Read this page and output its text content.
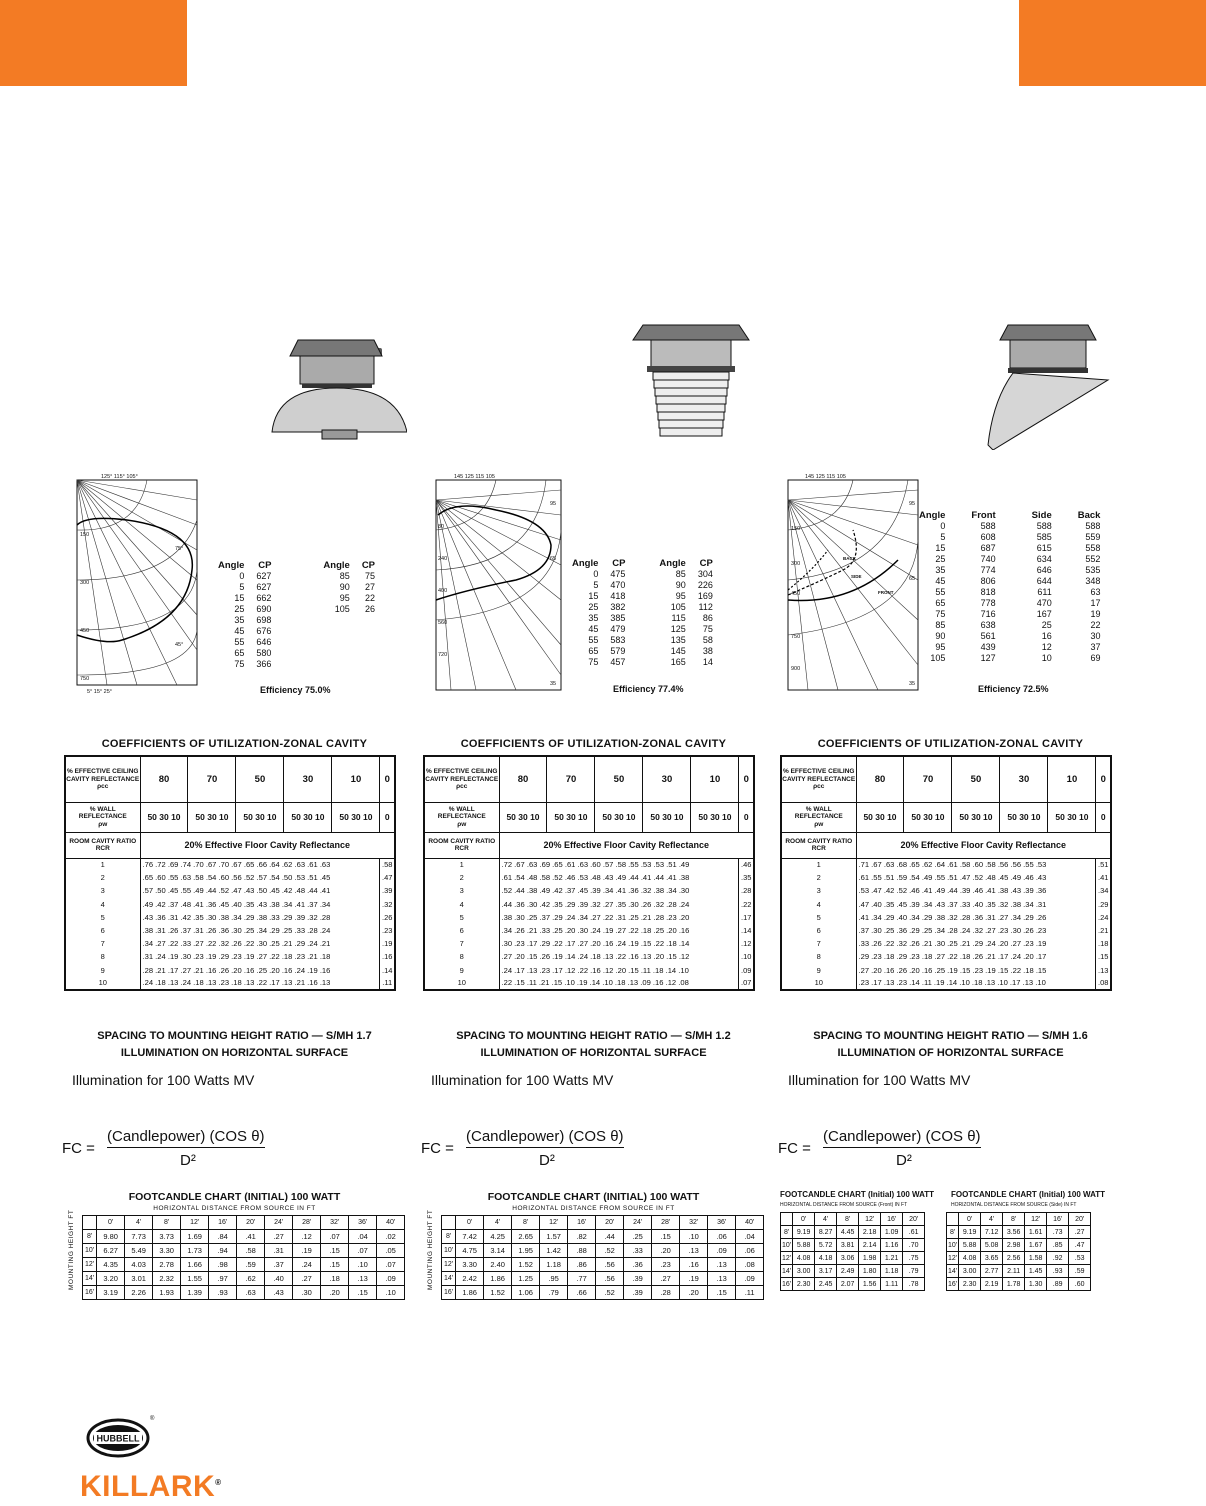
125° 115° 105°
150
300
450
750
75°
45°
5° 15° 25°
Angle	CP	Angle	CP
0	627	85	75
5	627	90	27
15	662	95	22
25	690	105	26
35	698		
45	676		
55	646		
65	580		
75	366		
Efficiency 75.0%
145 125 115 105
80
240
400
560
720
95
65
35
Angle	CP	Angle	CP
0	475	85	304
5	470	90	226
15	418	95	169
25	382	105	112
35	385	115	86
45	479	125	75
55	583	135	58
65	579	145	38
75	457	165	14
Efficiency 77.4%
145 125 115 105
150
300
450
750
900
95
65
35
BACK
SIDE
FRONT
Angle	Front	Side	Back
0	588	588	588
5	608	585	559
15	687	615	558
25	740	634	552
35	774	646	535
45	806	644	348
55	818	611	63
65	778	470	17
75	716	167	19
85	638	25	22
90	561	16	30
95	439	12	37
105	127	10	69
Efficiency 72.5%
COEFFICIENTS OF UTILIZATION-ZONAL CAVITY
% EFFECTIVE CEILING CAVITY REFLECTANCE
ρcc	80	70	50	30	10	0

% WALL REFLECTANCE
ρw	50 30 10	50 30 10	50 30 10	50 30 10	50 30 10	0
ROOM CAVITY RATIO RCR	20% Effective Floor Cavity Reflectance					
1	.76 .72 .69 .74 .70 .67 .70 .67 .65 .66 .64 .62 .63 .61 .63					.58
2	.65 .60 .55 .63 .58 .54 .60 .56 .52 .57 .54 .50 .53 .51 .45					.47
3	.57 .50 .45 .55 .49 .44 .52 .47 .43 .50 .45 .42 .48 .44 .41					.39
4	.49 .42 .37 .48 .41 .36 .45 .40 .35 .43 .38 .34 .41 .37 .34					.32
5	.43 .36 .31 .42 .35 .30 .38 .34 .29 .38 .33 .29 .39 .32 .28					.26
6	.38 .31 .26 .37 .31 .26 .36 .30 .25 .34 .29 .25 .33 .28 .24					.23
7	.34 .27 .22 .33 .27 .22 .32 .26 .22 .30 .25 .21 .29 .24 .21					.19
8	.31 .24 .19 .30 .23 .19 .29 .23 .19 .27 .22 .18 .23 .21 .18					.16
9	.28 .21 .17 .27 .21 .16 .26 .20 .16 .25 .20 .16 .24 .19 .16					.14
10	.24 .18 .13 .24 .18 .13 .23 .18 .13 .22 .17 .13 .21 .16 .13					.11
SPACING TO MOUNTING HEIGHT RATIO — S/MH 1.7
ILLUMINATION ON HORIZONTAL SURFACE
Illumination for 100 Watts MV
FC =
(Candlepower) (COS θ)
D²
FOOTCANDLE CHART (INITIAL) 100 WATT
HORIZONTAL DISTANCE FROM SOURCE IN FT
MOUNTING HEIGHT FT
		0'	4'	8'	12'	16'	20'	24'	28'	32'	36'	40'
8'	9.80	7.73	3.73	1.69	.84	.41	.27	.12	.07	.04	.02
10'	6.27	5.49	3.30	1.73	.94	.58	.31	.19	.15	.07	.05
12'	4.35	4.03	2.78	1.66	.98	.59	.37	.24	.15	.10	.07
14'	3.20	3.01	2.32	1.55	.97	.62	.40	.27	.18	.13	.09
16'	3.19	2.26	1.93	1.39	.93	.63	.43	.30	.20	.15	.10
COEFFICIENTS OF UTILIZATION-ZONAL CAVITY
% EFFECTIVE CEILING CAVITY REFLECTANCE
ρcc	80	70	50	30	10	0

% WALL REFLECTANCE
ρw	50 30 10	50 30 10	50 30 10	50 30 10	50 30 10	0
ROOM CAVITY RATIO RCR	20% Effective Floor Cavity Reflectance					
1	.72 .67 .63 .69 .65 .61 .63 .60 .57 .58 .55 .53 .53 .51 .49					.46
2	.61 .54 .48 .58 .52 .46 .53 .48 .43 .49 .44 .41 .44 .41 .38					.35
3	.52 .44 .38 .49 .42 .37 .45 .39 .34 .41 .36 .32 .38 .34 .30					.28
4	.44 .36 .30 .42 .35 .29 .39 .32 .27 .35 .30 .26 .32 .28 .24					.22
5	.38 .30 .25 .37 .29 .24 .34 .27 .22 .31 .25 .21 .28 .23 .20					.17
6	.34 .26 .21 .33 .25 .20 .30 .24 .19 .27 .22 .18 .25 .20 .16					.14
7	.30 .23 .17 .29 .22 .17 .27 .20 .16 .24 .19 .15 .22 .18 .14					.12
8	.27 .20 .15 .26 .19 .14 .24 .18 .13 .22 .16 .13 .20 .15 .12					.10
9	.24 .17 .13 .23 .17 .12 .22 .16 .12 .20 .15 .11 .18 .14 .10					.09
10	.22 .15 .11 .21 .15 .10 .19 .14 .10 .18 .13 .09 .16 .12 .08					.07
SPACING TO MOUNTING HEIGHT RATIO — S/MH 1.2
ILLUMINATION OF HORIZONTAL SURFACE
Illumination for 100 Watts MV
FC =
(Candlepower) (COS θ)
D²
FOOTCANDLE CHART (INITIAL) 100 WATT
HORIZONTAL DISTANCE FROM SOURCE IN FT
MOUNTING HEIGHT FT
		0'	4'	8'	12'	16'	20'	24'	28'	32'	36'	40'
8'	7.42	4.25	2.65	1.57	.82	.44	.25	.15	.10	.06	.04
10'	4.75	3.14	1.95	1.42	.88	.52	.33	.20	.13	.09	.06
12'	3.30	2.40	1.52	1.18	.86	.56	.36	.23	.16	.13	.08
14'	2.42	1.86	1.25	.95	.77	.56	.39	.27	.19	.13	.09
16'	1.86	1.52	1.06	.79	.66	.52	.39	.28	.20	.15	.11
COEFFICIENTS OF UTILIZATION-ZONAL CAVITY
% EFFECTIVE CEILING CAVITY REFLECTANCE
ρcc	80	70	50	30	10	0

% WALL REFLECTANCE
ρw	50 30 10	50 30 10	50 30 10	50 30 10	50 30 10	0
ROOM CAVITY RATIO RCR	20% Effective Floor Cavity Reflectance					
1	.71 .67 .63 .68 .65 .62 .64 .61 .58 .60 .58 .56 .56 .55 .53					.51
2	.61 .55 .51 .59 .54 .49 .55 .51 .47 .52 .48 .45 .49 .46 .43					.41
3	.53 .47 .42 .52 .46 .41 .49 .44 .39 .46 .41 .38 .43 .39 .36					.34
4	.47 .40 .35 .45 .39 .34 .43 .37 .33 .40 .35 .32 .38 .34 .31					.29
5	.41 .34 .29 .40 .34 .29 .38 .32 .28 .36 .31 .27 .34 .29 .26					.24
6	.37 .30 .25 .36 .29 .25 .34 .28 .24 .32 .27 .23 .30 .26 .23					.21
7	.33 .26 .22 .32 .26 .21 .30 .25 .21 .29 .24 .20 .27 .23 .19					.18
8	.29 .23 .18 .29 .23 .18 .27 .22 .18 .26 .21 .17 .24 .20 .17					.15
9	.27 .20 .16 .26 .20 .16 .25 .19 .15 .23 .19 .15 .22 .18 .15					.13
10	.23 .17 .13 .23 .14 .11 .19 .14 .10 .18 .13 .10 .17 .13 .10					.08
SPACING TO MOUNTING HEIGHT RATIO — S/MH 1.6
ILLUMINATION OF HORIZONTAL SURFACE
Illumination for 100 Watts MV
FC =
(Candlepower) (COS θ)
D²
FOOTCANDLE CHART (Initial) 100 WATT
HORIZONTAL DISTANCE FROM SOURCE (Front) IN FT
FOOTCANDLE CHART (Initial) 100 WATT
HORIZONTAL DISTANCE FROM SOURCE (Side) IN FT
	0'	4'	8'	12'	16'	20'
8'	9.19	8.27	4.45	2.18	1.09	.61
10'	5.88	5.72	3.81	2.14	1.16	.70
12'	4.08	4.18	3.06	1.98	1.21	.75
14'	3.00	3.17	2.49	1.80	1.18	.79
16'	2.30	2.45	2.07	1.56	1.11	.78
	0'	4'	8'	12'	16'	20'
8'	9.19	7.12	3.56	1.61	.73	.27
10'	5.88	5.08	2.98	1.67	.85	.47
12'	4.08	3.65	2.56	1.58	.92	.53
14'	3.00	2.77	2.11	1.45	.93	.59
16'	2.30	2.19	1.78	1.30	.89	.60
HUBBELL
®
KILLARK®
